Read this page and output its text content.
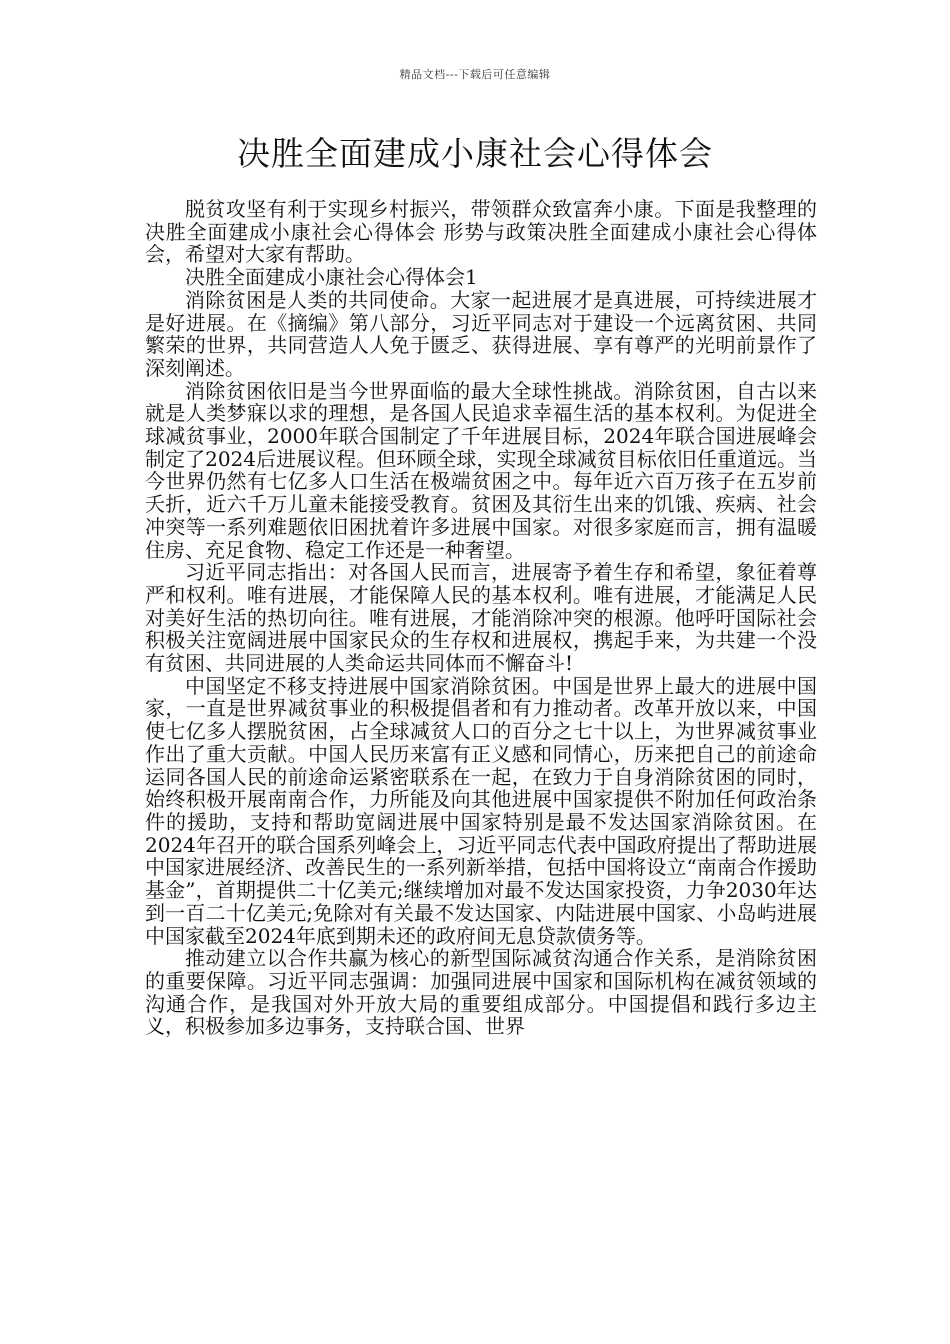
精品文档---下载后可任意编辑
决胜全面建成小康社会心得体会

脱贫攻坚有利于实现乡村振兴，带领群众致富奔小康。下面是我整理的决胜全面建成小康社会心得体会 形势与政策决胜全面建成小康社会心得体会，希望对大家有帮助。

决胜全面建成小康社会心得体会1

消除贫困是人类的共同使命。大家一起进展才是真进展，可持续进展才是好进展。在《摘编》第八部分，习近平同志对于建设一个远离贫困、共同繁荣的世界，共同营造人人免于匮乏、获得进展、享有尊严的光明前景作了深刻阐述。

消除贫困依旧是当今世界面临的最大全球性挑战。消除贫困，自古以来就是人类梦寐以求的理想，是各国人民追求幸福生活的基本权利。为促进全球减贫事业，2000年联合国制定了千年进展目标，2024年联合国进展峰会制定了2024后进展议程。但环顾全球，实现全球减贫目标依旧任重道远。当今世界仍然有七亿多人口生活在极端贫困之中。每年近六百万孩子在五岁前夭折，近六千万儿童未能接受教育。贫困及其衍生出来的饥饿、疾病、社会冲突等一系列难题依旧困扰着许多进展中国家。对很多家庭而言，拥有温暖住房、充足食物、稳定工作还是一种奢望。

习近平同志指出：对各国人民而言，进展寄予着生存和希望，象征着尊严和权利。唯有进展，才能保障人民的基本权利。唯有进展，才能满足人民对美好生活的热切向往。唯有进展，才能消除冲突的根源。他呼吁国际社会积极关注宽阔进展中国家民众的生存权和进展权，携起手来，为共建一个没有贫困、共同进展的人类命运共同体而不懈奋斗!

中国坚定不移支持进展中国家消除贫困。中国是世界上最大的进展中国家，一直是世界减贫事业的积极提倡者和有力推动者。改革开放以来，中国使七亿多人摆脱贫困，占全球减贫人口的百分之七十以上，为世界减贫事业作出了重大贡献。中国人民历来富有正义感和同情心，历来把自己的前途命运同各国人民的前途命运紧密联系在一起，在致力于自身消除贫困的同时，始终积极开展南南合作，力所能及向其他进展中国家提供不附加任何政治条件的援助，支持和帮助宽阔进展中国家特别是最不发达国家消除贫困。在2024年召开的联合国系列峰会上，习近平同志代表中国政府提出了帮助进展中国家进展经济、改善民生的一系列新举措，包括中国将设立“南南合作援助基金”，首期提供二十亿美元;继续增加对最不发达国家投资，力争2030年达到一百二十亿美元;免除对有关最不发达国家、内陆进展中国家、小岛屿进展中国家截至2024年底到期未还的政府间无息贷款债务等。

推动建立以合作共赢为核心的新型国际减贫沟通合作关系，是消除贫困的重要保障。习近平同志强调：加强同进展中国家和国际机构在减贫领域的沟通合作，是我国对外开放大局的重要组成部分。中国提倡和践行多边主义，积极参加多边事务，支持联合国、世界
